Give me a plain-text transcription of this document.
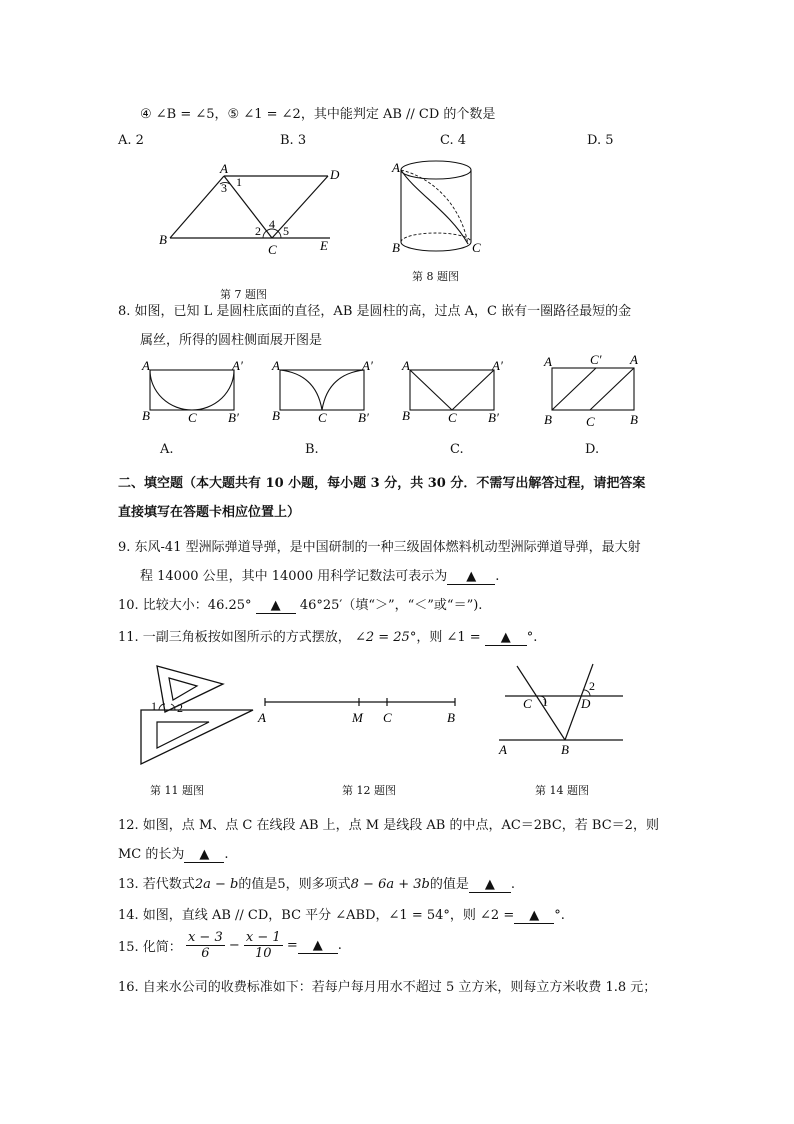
④ ∠B = ∠5，⑤ ∠1 = ∠2，其中能判定 AB // CD 的个数是
A. 2	B. 3	C. 4	D. 5
A	D
B
C	E
1
2
3
4 5
第 7 题图
A
B	C
第 8 题图
8. 如图，已知 L 是圆柱底面的直径，AB 是圆柱的高，过点 A，C 嵌有一圈路径最短的金
属丝，所得的圆柱侧面展开图是
A	A′
B	C B′
A	A′
B	C B′
A	A′
B	C B′
A	C′ A
B	C	B
A.	B.	C.	D.
二、填空题（本大题共有 10 小题，每小题 3 分，共 30 分．不需写出解答过程，请把答案
直接填写在答题卡相应位置上）
9. 东风-41 型洲际弹道导弹，是中国研制的一种三级固体燃料机动型洲际弹道导弹，最大射
程 14000 公里，其中 14000 用科学记数法可表示为 ▲ .
10. 比较大小：46.25° ▲ 46°25′（填“＞”，“＜”或“＝”).
11. 一副三角板按如图所示的方式摆放， ∠2 = 25°，则 ∠1 = ▲ °.
1 2
第 11 题图
A	M C	B
第 12 题图
C 1	D
2
A	B
第 14 题图
12. 如图，点 M、点 C 在线段 AB 上，点 M 是线段 AB 的中点，AC＝2BC，若 BC＝2，则
MC 的长为 ▲ .
13. 若代数式2a − b的值是5，则多项式8 − 6a + 3b的值是 ▲ .
14. 如图，直线 AB // CD，BC 平分 ∠ABD，∠1 = 54°，则 ∠2 = ▲ °.
15. 化简： $\frac{x - 3}{6} - \frac{x - 1}{10}$ = ▲ .
16. 自来水公司的收费标准如下：若每户每月用水不超过 5 立方米，则每立方米收费 1.8 元；
